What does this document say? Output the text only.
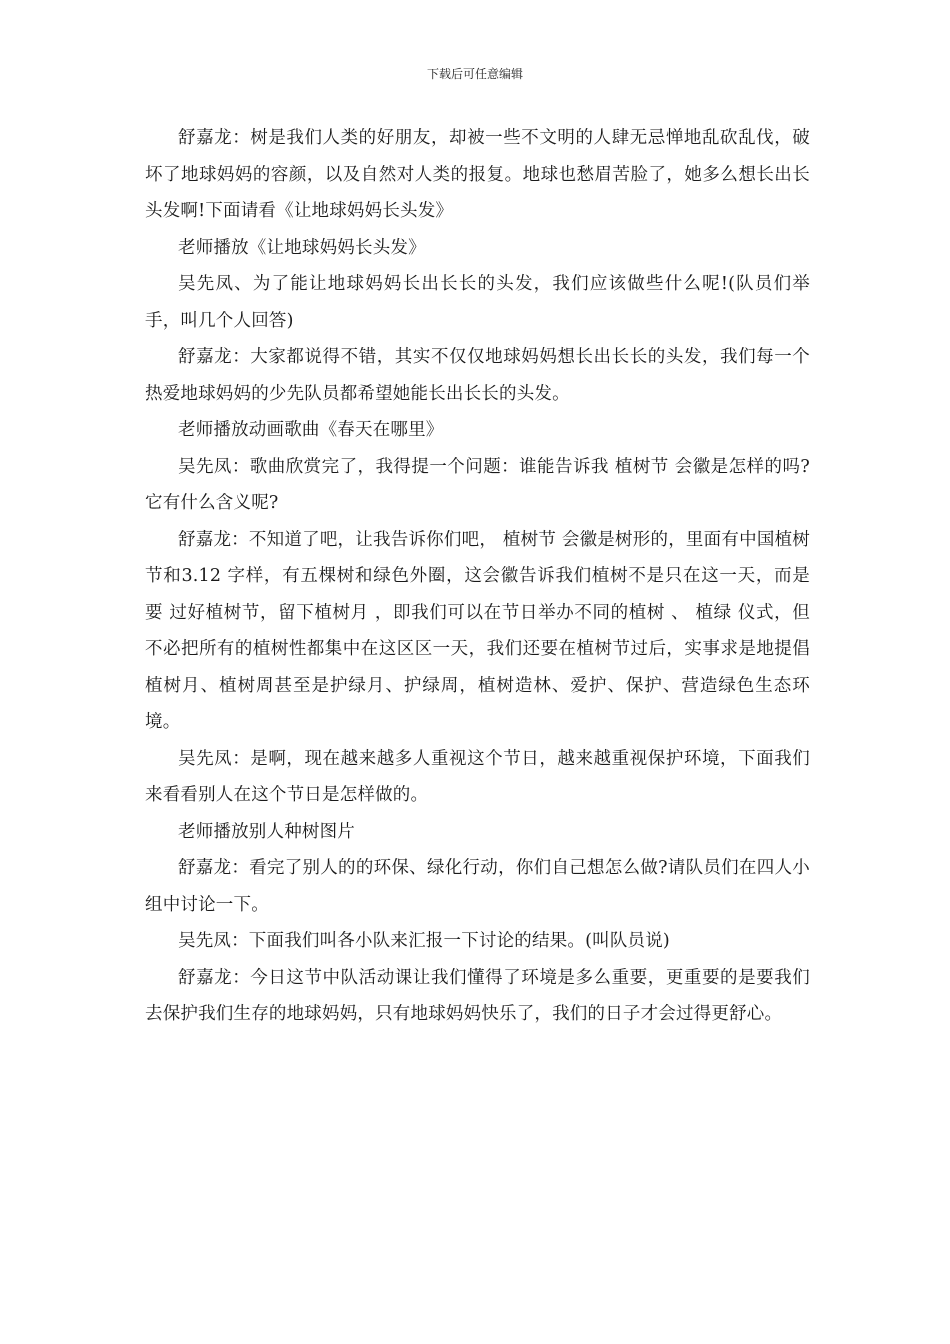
下载后可任意编辑

舒嘉龙：树是我们人类的好朋友，却被一些不文明的人肆无忌惮地乱砍乱伐，破坏了地球妈妈的容颜，以及自然对人类的报复。地球也愁眉苦脸了，她多么想长出长头发啊!下面请看《让地球妈妈长头发》

老师播放《让地球妈妈长头发》

吴先凤、为了能让地球妈妈长出长长的头发，我们应该做些什么呢!(队员们举手，叫几个人回答)

舒嘉龙：大家都说得不错，其实不仅仅地球妈妈想长出长长的头发，我们每一个热爱地球妈妈的少先队员都希望她能长出长长的头发。

老师播放动画歌曲《春天在哪里》

吴先凤：歌曲欣赏完了，我得提一个问题：谁能告诉我 植树节 会徽是怎样的吗?它有什么含义呢?

舒嘉龙：不知道了吧，让我告诉你们吧， 植树节 会徽是树形的，里面有中国植树节和3.12 字样，有五棵树和绿色外圈，这会徽告诉我们植树不是只在这一天，而是要 过好植树节，留下植树月 ，即我们可以在节日举办不同的植树 、 植绿 仪式，但不必把所有的植树性都集中在这区区一天，我们还要在植树节过后，实事求是地提倡植树月、植树周甚至是护绿月、护绿周，植树造林、爱护、保护、营造绿色生态环境。

吴先凤：是啊，现在越来越多人重视这个节日，越来越重视保护环境，下面我们来看看别人在这个节日是怎样做的。

老师播放别人种树图片

舒嘉龙：看完了别人的的环保、绿化行动，你们自己想怎么做?请队员们在四人小组中讨论一下。

吴先凤：下面我们叫各小队来汇报一下讨论的结果。(叫队员说)

舒嘉龙：今日这节中队活动课让我们懂得了环境是多么重要，更重要的是要我们去保护我们生存的地球妈妈，只有地球妈妈快乐了，我们的日子才会过得更舒心。
